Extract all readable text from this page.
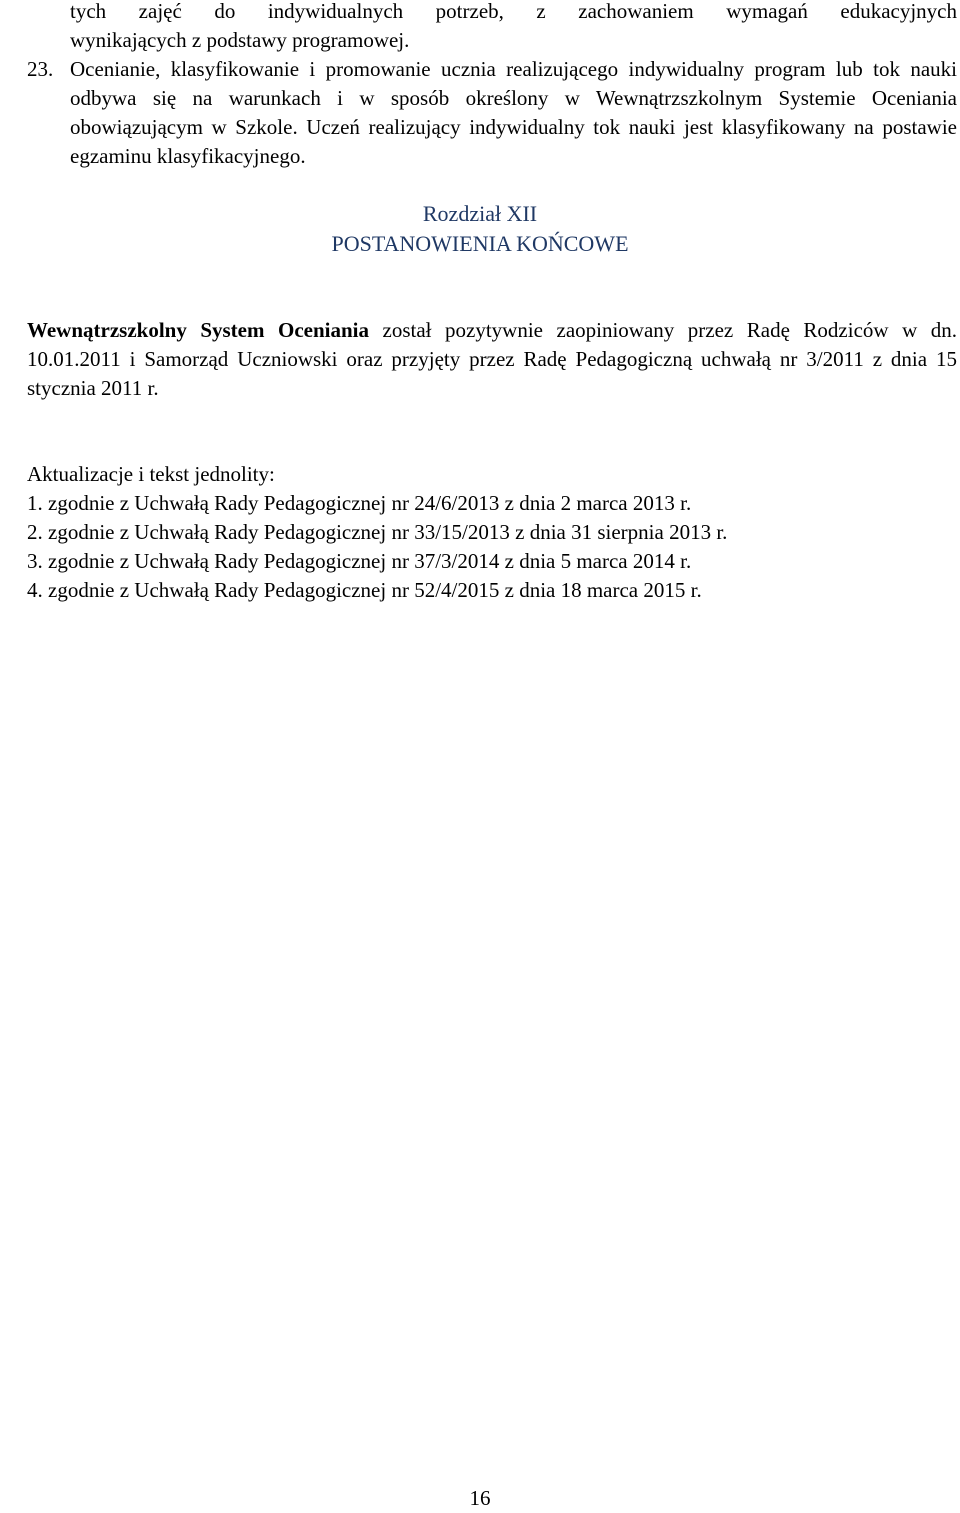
tych zajęć do indywidualnych potrzeb, z zachowaniem wymagań edukacyjnych
wynikających z podstawy programowej.
23. Ocenianie, klasyfikowanie i promowanie ucznia realizującego indywidualny program lub tok nauki odbywa się na warunkach i w sposób określony w Wewnątrzszkolnym Systemie Oceniania obowiązującym w Szkole. Uczeń realizujący indywidualny tok nauki jest klasyfikowany na postawie egzaminu klasyfikacyjnego.
Rozdział XII
POSTANOWIENIA KOŃCOWE
Wewnątrzszkolny System Oceniania został pozytywnie zaopiniowany przez Radę Rodziców w dn. 10.01.2011 i Samorząd Uczniowski oraz przyjęty przez Radę Pedagogiczną uchwałą nr 3/2011 z dnia 15 stycznia 2011 r.
Aktualizacje i tekst jednolity:
1. zgodnie z Uchwałą Rady Pedagogicznej nr 24/6/2013 z dnia 2 marca 2013 r.
2. zgodnie z Uchwałą Rady Pedagogicznej nr 33/15/2013 z dnia 31 sierpnia 2013 r.
3. zgodnie z Uchwałą Rady Pedagogicznej nr 37/3/2014 z dnia 5 marca 2014 r.
4. zgodnie z Uchwałą Rady Pedagogicznej nr 52/4/2015 z dnia 18 marca 2015 r.
16
